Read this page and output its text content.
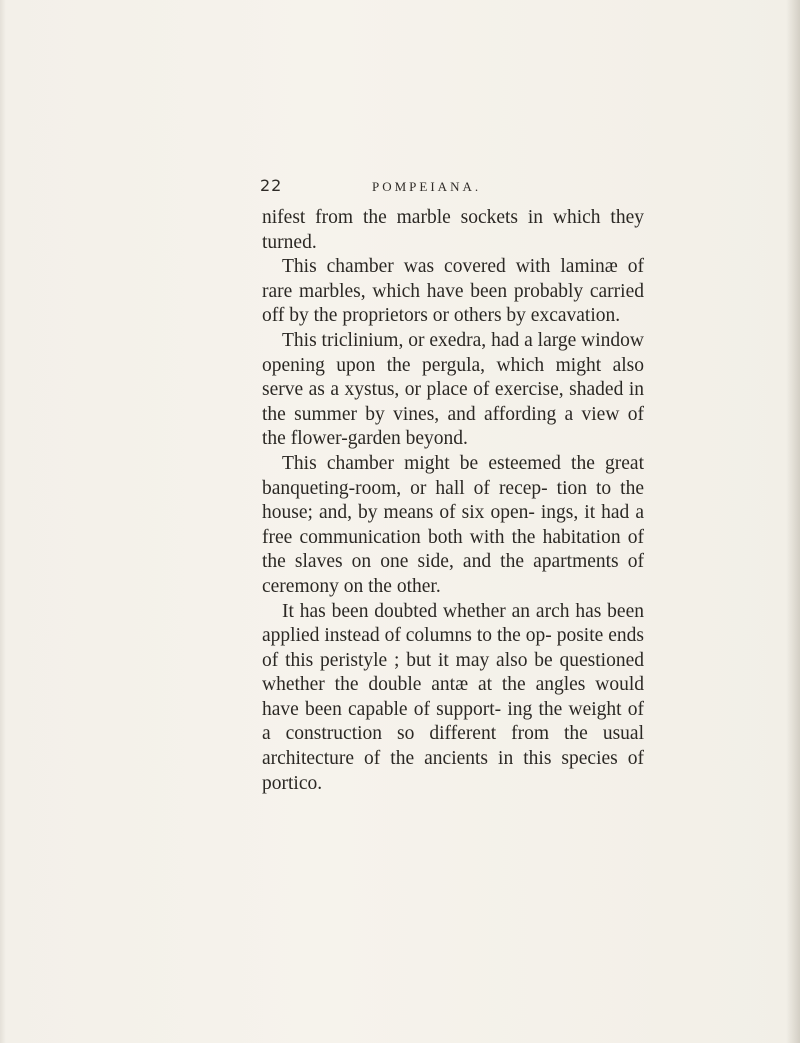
22	POMPEIANA.

nifest from the marble sockets in which they turned.

This chamber was covered with laminæ of rare marbles, which have been probably carried off by the proprietors or others by excavation.

This triclinium, or exedra, had a large window opening upon the pergula, which might also serve as a xystus, or place of exercise, shaded in the summer by vines, and affording a view of the flower-garden beyond.

This chamber might be esteemed the great banqueting-room, or hall of recep- tion to the house; and, by means of six open- ings, it had a free communication both with the habitation of the slaves on one side, and the apartments of ceremony on the other.

It has been doubted whether an arch has been applied instead of columns to the op- posite ends of this peristyle ; but it may also be questioned whether the double antæ at the angles would have been capable of support- ing the weight of a construction so different from the usual architecture of the ancients in this species of portico.
